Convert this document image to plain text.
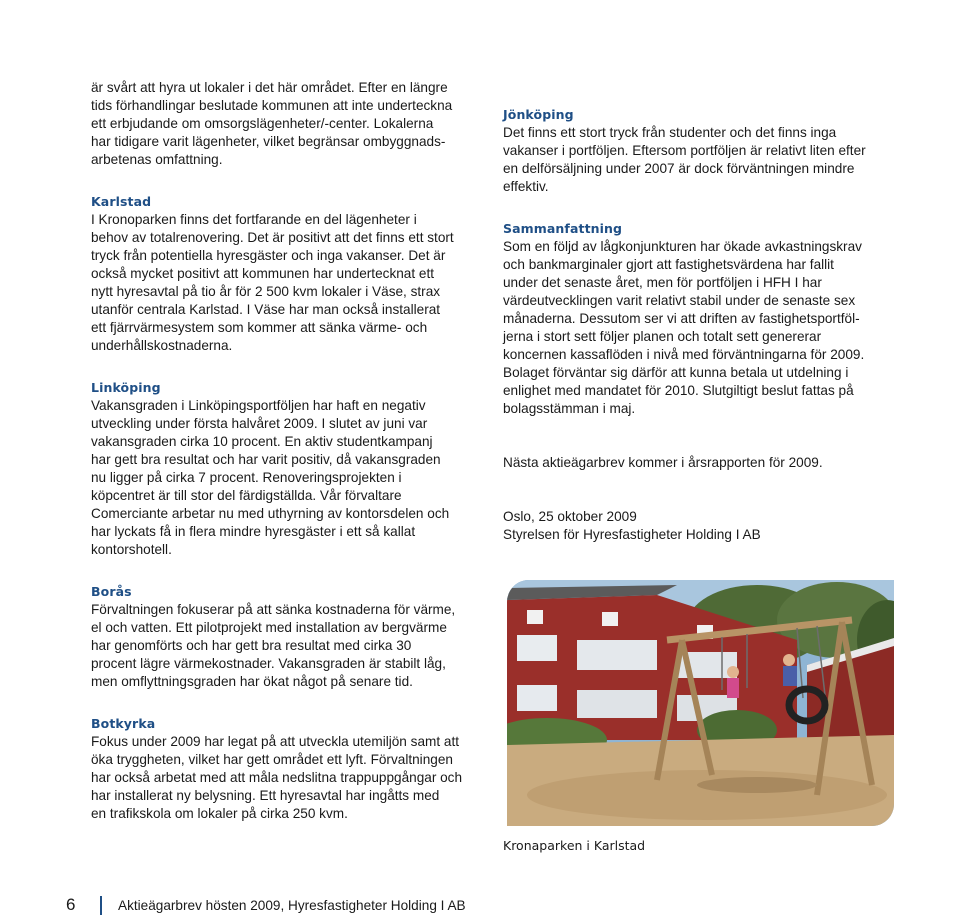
är svårt att hyra ut lokaler i det här området. Efter en längre
tids förhandlingar beslutade kommunen att inte underteckna
ett erbjudande om omsorgslägenheter/-center. Lokalerna
har tidigare varit lägenheter, vilket begränsar ombyggnads-
arbetenas omfattning.
Karlstad
I Kronoparken finns det fortfarande en del lägenheter i
behov av totalrenovering. Det är positivt att det finns ett stort
tryck från potentiella hyresgäster och inga vakanser. Det är
också mycket positivt att kommunen har undertecknat ett
nytt hyresavtal på tio år för 2 500 kvm lokaler i Väse, strax
utanför centrala Karlstad. I Väse har man också installerat
ett fjärrvärmesystem som kommer att sänka värme- och
underhållskostnaderna.
Linköping
Vakansgraden i Linköpingsportföljen har haft en negativ
utveckling under första halvåret 2009. I slutet av juni var
vakansgraden cirka 10 procent. En aktiv studentkampanj
har gett bra resultat och har varit positiv, då vakansgraden
nu ligger på cirka 7 procent. Renoveringsprojekten i
köpcentret är till stor del färdigställda. Vår förvaltare
Comerciante arbetar nu med uthyrning av kontorsdelen och
har lyckats få in flera mindre hyresgäster i ett så kallat
kontorshotell.
Borås
Förvaltningen fokuserar på att sänka kostnaderna för värme,
el och vatten. Ett pilotprojekt med installation av bergvärme
har genomförts och har gett bra resultat med cirka 30
procent lägre värmekostnader. Vakansgraden är stabilt låg,
men omflyttningsgraden har ökat något på senare tid.
Botkyrka
Fokus under 2009 har legat på att utveckla utemiljön samt att
öka tryggheten, vilket har gett området ett lyft. Förvaltningen
har också arbetat med att måla nedslitna trappuppgångar och
har installerat ny belysning. Ett hyresavtal har ingåtts med
en trafikskola om lokaler på cirka 250 kvm.
Jönköping
Det finns ett stort tryck från studenter och det finns inga
vakanser i portföljen. Eftersom portföljen är relativt liten efter
en delförsäljning under 2007 är dock förväntningen mindre
effektiv.
Sammanfattning
Som en följd av lågkonjunkturen har ökade avkastningskrav
och bankmarginaler gjort att fastighetsvärdena har fallit
under det senaste året, men för portföljen i HFH I har
värdeutvecklingen varit relativt stabil under de senaste sex
månaderna. Dessutom ser vi att driften av fastighetsportföl-
jerna i stort sett följer planen och totalt sett genererar
koncernen kassaflöden i nivå med förväntningarna för 2009.
Bolaget förväntar sig därför att kunna betala ut utdelning i
enlighet med mandatet för 2010. Slutgiltigt beslut fattas på
bolagsstämman i maj.
Nästa aktieägarbrev kommer i årsrapporten för 2009.
Oslo, 25 oktober 2009
Styrelsen för Hyresfastigheter Holding I AB
Kronaparken i Karlstad
6	Aktieägarbrev hösten 2009, Hyresfastigheter Holding I AB
